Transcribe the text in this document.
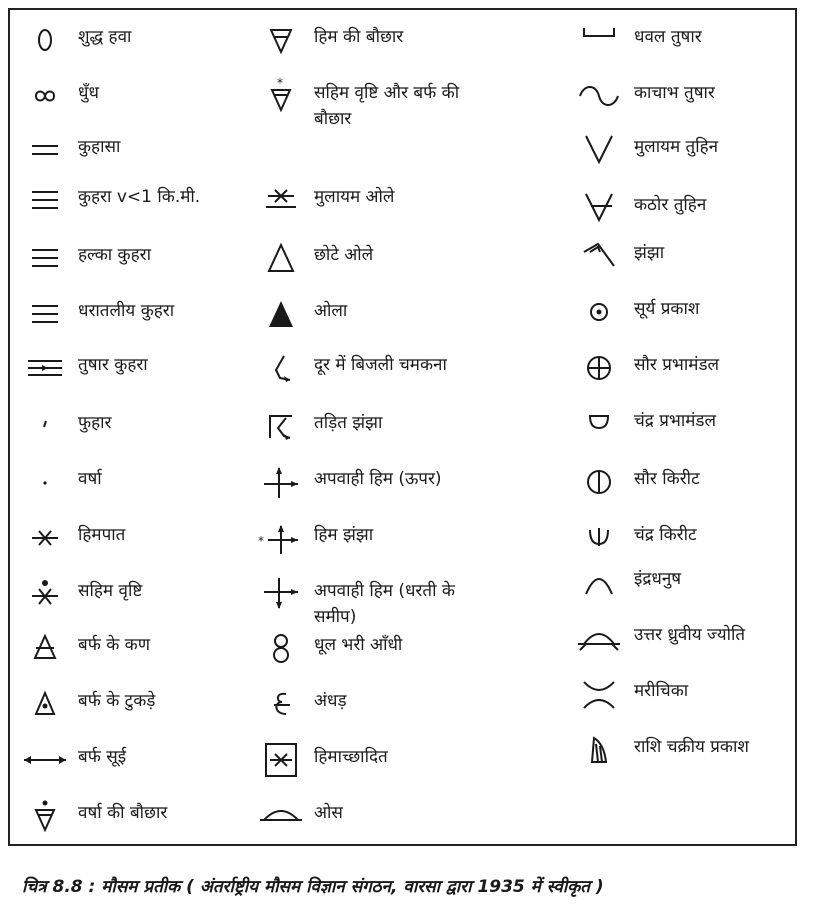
चित्र 8.8 : मौसम प्रतीक ( अंतर्राष्ट्रीय मौसम विज्ञान संगठन, वारसा द्वारा 1935 में स्वीकृत )
शुद्ध हवा
धुँध
कुहासा
कुहरा v<1 कि.मी.
हल्का कुहरा
धरातलीय कुहरा
तुषार कुहरा
फुहार
वर्षा
हिमपात
सहिम वृष्टि
बर्फ के कण
बर्फ के टुकड़े
बर्फ सूई
वर्षा की बौछार
हिम की बौछार
* सहिम वृष्टि और बर्फ की बौछार
मुलायम ओले
छोटे ओले
ओला
दूर में बिजली चमकना
तड़ित झंझा
अपवाही हिम (ऊपर)
*	हिम झंझा
अपवाही हिम (धरती के समीप)
धूल भरी आँधी
अंधड़
हिमाच्छादित
ओस
धवल तुषार
काचाभ तुषार
मुलायम तुहिन
कठोर तुहिन
झंझा
सूर्य प्रकाश
सौर प्रभामंडल
चंद्र प्रभामंडल
सौर किरीट
चंद्र किरीट
इंद्रधनुष
उत्तर ध्रुवीय ज्योति
मरीचिका
राशि चक्रीय प्रकाश
